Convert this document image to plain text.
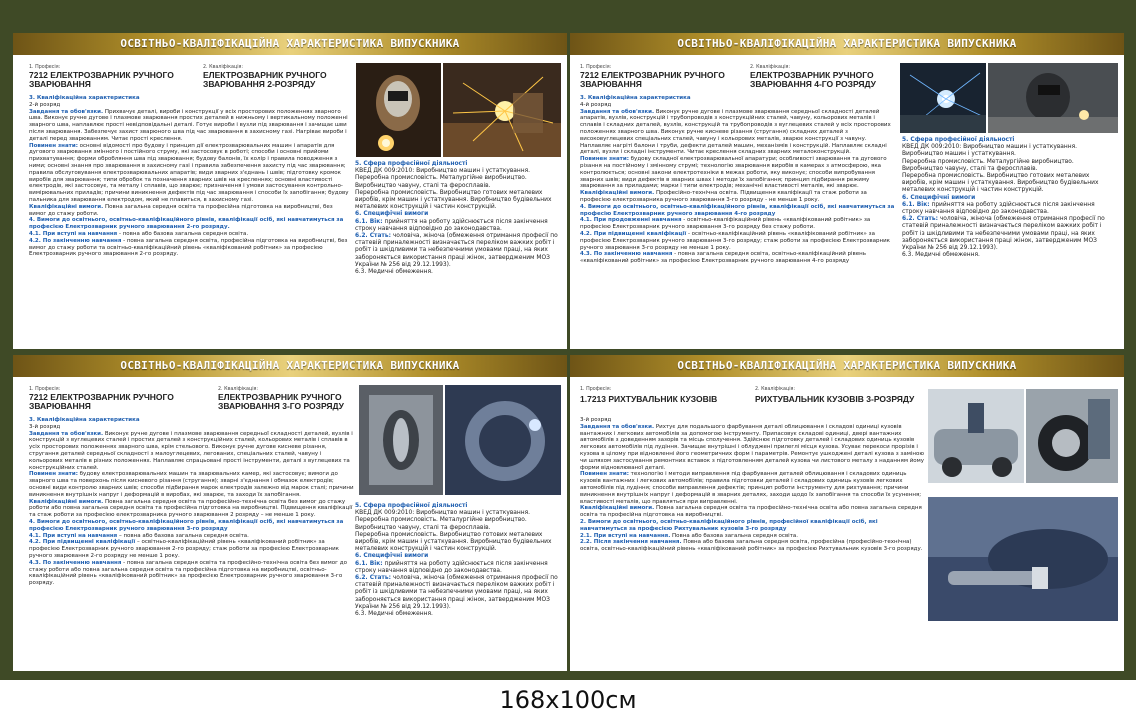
ОСВІТНЬО-КВАЛІФІКАЦІЙНА ХАРАКТЕРИСТИКА ВИПУСКНИКА
1. Професія:
7212 ЕЛЕКТРОЗВАРНИК РУЧНОГО ЗВАРЮВАННЯ
2. Кваліфікація:
ЕЛЕКТРОЗВАРНИК РУЧНОГО ЗВАРЮВАННЯ 2-РОЗРЯДУ

3. Кваліфікаційна характеристика

2-й розряд

Завдання та обов'язки. Прихвачує деталі, вироби і конструкції у всіх просторових положеннях зварного шва. Виконує ручне дугове і плазмове зварювання простих деталей в нижньому і вертикальному положенні зварного шва, наплавлює прості невідповідальні деталі. Готує вироби і вузли під зварювання і зачищає шви після зварювання. Забезпечує захист зварюного шва під час зварювання в захисному газі. Нагріває вироби і деталі перед зварюванням. Читає прості креслення.

Повинен знати: основні відомості про будову і принцип дії електрозварювальних машин і апаратів для дугового зварювання змінного і постійного струму, які застосовує в роботі; способи і основні прийоми прихватування; форми обробляння шва під зварювання; будову балонів, їх колір і правила поводження з ними; основні знання про зварювання в захисному газі і правила забезпечення захисту під час зварювання; правила обслуговування електрозварювальних апаратів; види зварних з'єднань і швів; підготовку кромок виробів для зварювання; типи обробок та позначення зварних швів на кресленнях; основні властивості електродів, які застосовує, та металу і сплавів, що зварює; призначення і умови застосування контрольно-вимірювальних приладів; причини виникнення дефектів під час зварювання і способи їх запобігання; будову пальника для зварювання електродом, який не плавиться, в захисному газі.

Кваліфікаційні вимоги. Повна загальна середня освіта та професійна підготовка на виробництві, без вимог до стажу роботи.

4. Вимоги до освітнього, освітньо-кваліфікаційного рівнів, кваліфікації осіб, які навчатимуться за професією Електрозварник ручного зварювання 2-го розряду.

4.1. При вступі на навчання - повна або базова загальна середня освіта.

4.2. По закінченню навчання - повна загальна середня освіта, професійна підготовка на виробництві, без вимог до стажу роботи та освітньо-кваліфікаційний рівень «кваліфікований робітник» за професією Електрозварник ручного зварювання 2-го розряду.

5. Сфера професійної діяльності

КВЕД ДК 009:2010: Виробництво машин і устаткування. Переробна промисловість. Металургійне виробництво. Виробництво чавуну, сталі та феросплавів.

Переробна промисловість. Виробництво готових металевих виробів, крім машин і устаткування. Виробництво будівельних металевих конструкцій і частин конструкцій.

6. Специфічні вимоги

6.1. Вік: прийняття на роботу здійснюється після закінчення строку навчання відповідно до законодавства.

6.2. Стать: чоловіча, жіноча (обмеження отримання професії по статевій приналежності визначається переліком важких робіт і робіт із шкідливими та небезпечними умовами праці, на яких забороняється використання праці жінок, затвердженим МОЗ України № 256 від 29.12.1993).

6.3. Медичні обмеження.

ОСВІТНЬО-КВАЛІФІКАЦІЙНА ХАРАКТЕРИСТИКА ВИПУСКНИКА
1. Професія:
7212 ЕЛЕКТРОЗВАРНИК РУЧНОГО ЗВАРЮВАННЯ
2. Кваліфікація:
ЕЛЕКТРОЗВАРНИК РУЧНОГО ЗВАРЮВАННЯ 4-ГО РОЗРЯДУ

3. Кваліфікаційна характеристика

4-й розряд

Завдання та обов'язки. Виконує ручне дугове і плазмове зварювання середньої складності деталей апаратів, вузлів, конструкцій і трубопроводів з конструкційних сталей, чавуну, кольорових металів і сплавів і складних деталей, вузлів, конструкцій та трубопроводів з вуглецевих сталей у всіх просторових положеннях зварного шва. Виконує ручне кисневе різання (стругання) складних деталей з високовуглецевих спеціальних сталей, чавуну і кольорових металів, зварює конструкції з чавуну. Наплавляє нагріті балони і труби, дефекти деталей машин, механізмів і конструкцій. Наплавляє складні деталі, вузли і складні інструменти. Читає креслення складних зварних металоконструкцій.

Повинен знати: будову складної електрозварювальної апаратури; особливості зварювання та дугового різання на постійному і змінному струмі; технологію зварювання виробів в камерах з атмосферою, яка контролюється; основні закони електротехніки в межах роботи, яку виконує; способи випробування зварних швів; види дефектів в зварних швах і методи їх запобігання; принцип підбирання режиму зварювання за приладами; марки і типи електродів; механічні властивості металів, які зварює.

Кваліфікаційні вимоги. Професійно-технічна освіта. Підвищення кваліфікації та стаж роботи за професією електрозварника ручного зварювання 3-го розряду - не менше 1 року.

4. Вимоги до освітнього, освітньо-кваліфікаційного рівнів, кваліфікації осіб, які навчатимуться за професію Електрозварник ручного зварювання 4-го розряду

4.1. При продовженні навчання - освітньо-кваліфікаційний рівень «кваліфікований робітник» за професією Електрозварник ручного зварювання 3-го розряду без стажу роботи.

4.2. При підвищенні кваліфікації - освітньо-кваліфікаційний рівень «кваліфікований робітник» за професією Електрозварник ручного зварювання 3-го розряду; стаж роботи за професією Електрозварник ручного зварювання 3-го розряду не менше 1 року.

4.3. По закінченню навчання - повна загальна середня освіта, освітньо-кваліфікаційний рівень «кваліфікований робітник» за професією Електрозварник ручного зварювання 4-го розряду

5. Сфера професійної діяльності

КВЕД ДК 009:2010: Виробництво машин і устаткування. Виробництво машин і устаткування.

Переробна промисловість. Металургійне виробництво. Виробництво чавуну, сталі та феросплавів.

Переробна промисловість. Виробництво готових металевих виробів, крім машин і устаткування. Виробництво будівельних металевих конструкцій і частин конструкцій.

6. Специфічні вимоги

6.1. Вік: прийняття на роботу здійснюється після закінчення строку навчання відповідно до законодавства.

6.2. Стать: чоловіча, жіноча (обмеження отримання професії по статевій приналежності визначається переліком важких робіт і робіт із шкідливими та небезпечними умовами праці, на яких забороняється використання праці жінок, затвердженим МОЗ України № 256 від 29.12.1993).

6.3. Медичні обмеження.

ОСВІТНЬО-КВАЛІФІКАЦІЙНА ХАРАКТЕРИСТИКА ВИПУСКНИКА
1. Професія:
7212 ЕЛЕКТРОЗВАРНИК РУЧНОГО ЗВАРЮВАННЯ
2. Кваліфікація:
ЕЛЕКТРОЗВАРНИК РУЧНОГО ЗВАРЮВАННЯ 3-ГО РОЗРЯДУ

3. Кваліфікаційна характеристика

3-й розряд

Завдання та обов'язки. Виконує ручне дугове і плазмове зварювання середньої складності деталей, вузлів і конструкцій з вуглецевих сталей і простих деталей з конструкційних сталей, кольорових металів і сплавів в усіх просторових положеннях зварного шва, крім стельового. Виконує ручне дугове кисневе різання, стругання деталей середньої складності з малоуглецевих, легованих, спеціальних сталей, чавуну і кольорових металів в різних положеннях. Наплавляє спрацьовані прості інструменти, деталі з вуглецевих та конструкційних сталей.

Повинен знати: будову електрозварювальних машин та зварювальних камер, які застосовує; вимоги до зварного шва та поверхонь після кисневого різання (стругання); зварні з'єднання і обмазок електродів; основні види контролю зварних швів; способи підбирання марок електродів залежно від марок сталі; причини виникнення внутрішніх напруг і деформацій в виробах, які зварює, та заходи їх запобігання.

Кваліфікаційні вимоги. Повна загальна середня освіта та професійно-технічна освіта без вимог до стажу роботи або повна загальна середня освіта та професійна підготовка на виробництві. Підвищення кваліфікації та стаж роботи за професією електрозварника ручного зварювання 2 розряду – не менше 1 року.

4. Вимоги до освітнього, освітньо-кваліфікаційного рівнів, кваліфікації осіб, які навчатимуться за професією Електрозварник ручного зварювання 3-го розряду

4.1. При вступі на навчання – повна або базова загальна середня освіта.

4.2. При підвищенні кваліфікації – освітньо-кваліфікаційний рівень «кваліфікований робітник» за професією Електрозварник ручного зварювання 2-го розряду; стаж роботи за професією Електрозварник ручного зварювання 2-го розряду не менше 1 року.

4.3. По закінченню навчання - повна загальна середня освіта та професійно-технічна освіта без вимог до стажу роботи або повна загальна середня освіта та професійна підготовка на виробництві, освітньо-кваліфікаційний рівень «кваліфікований робітник» за професією Електрозварник ручного зварювання 3-го розряду.

5. Сфера професійної діяльності

КВЕД ДК 009:2010: Виробництво машин і устаткування. Переробна промисловість. Металургійне виробництво. Виробництво чавуну, сталі та феросплавів.

Переробна промисловість. Виробництво готових металевих виробів, крім машин і устаткування. Виробництво будівельних металевих конструкцій і частин конструкцій.

6. Специфічні вимоги

6.1. Вік: прийняття на роботу здійснюється після закінчення строку навчання відповідно до законодавства.

6.2. Стать: чоловіча, жіноча (обмеження отримання професії по статевій приналежності визначається переліком важких робіт і робіт із шкідливими та небезпечними умовами праці, на яких забороняється використання праці жінок, затвердженим МОЗ України № 256 від 29.12.1993).

6.3. Медичні обмеження.

ОСВІТНЬО-КВАЛІФІКАЦІЙНА ХАРАКТЕРИСТИКА ВИПУСКНИКА
1. Професія:
1.7213 РИХТУВАЛЬНИК КУЗОВІВ
2. Кваліфікація:
РИХТУВАЛЬНИК КУЗОВІВ 3-РОЗРЯДУ

3-й розряд

Завдання та обов'язки. Рихтує для подальшого фарбування деталі облицювання і складові одиниці кузовів вантажних і легкових автомобілів за допомогою інструменту. Припасовує складові одиниці, двері вантажних автомобілів з доведенням зазорів та місць сполучення. Здійснює підготовку деталей і складових одиниць кузовів легкових автомобілів під лудіння. Зачищає внутрішні і облуджені прилеглі місця кузова. Усуває перекоси прорізів і кузова в цілому при відновленні його геометричних форм і параметрів. Ремонтує ушкоджені деталі кузова з заміною чи шляхом застосування ремонтних вставок з підготовленням деталей кузова чи листового металу з наданням йому форми відновлюваної деталі.

Повинен знати: технологію і методи виправлення під фарбування деталей облицювання і складових одиниць кузовів вантажних і легкових автомобілів; правила підготовки деталей і складових одиниць кузовів легкових автомобілів під лудіння; способи виправлення дефектів; принцип роботи інструменту для рихтування; причини виникнення внутрішніх напруг і деформацій в зварних деталях, заходи щодо їх запобігання та способи їх усунення; властивості металів, що правляться при виправленні.

Кваліфікаційні вимоги. Повна загальна середня освіта та професійно-технічна освіта або повна загальна середня освіта та професійна підготовка на виробництві.

2. Вимоги до освітнього, освітньо-кваліфікаційного рівнів, професійної кваліфікації осіб, які навчатимуться за професією Рихтувальник кузовів 3-го розряду

2.1. При вступі на навчання. Повна або базова загальна середня освіта.

2.2. Після закінчення навчання. Повна або базова загальна середня освіта, професійна (професійно-технічна) освіта, освітньо-кваліфікаційний рівень «кваліфікований робітник» за професією Рихтувальник кузовів 3-го розряду.

168x100см
